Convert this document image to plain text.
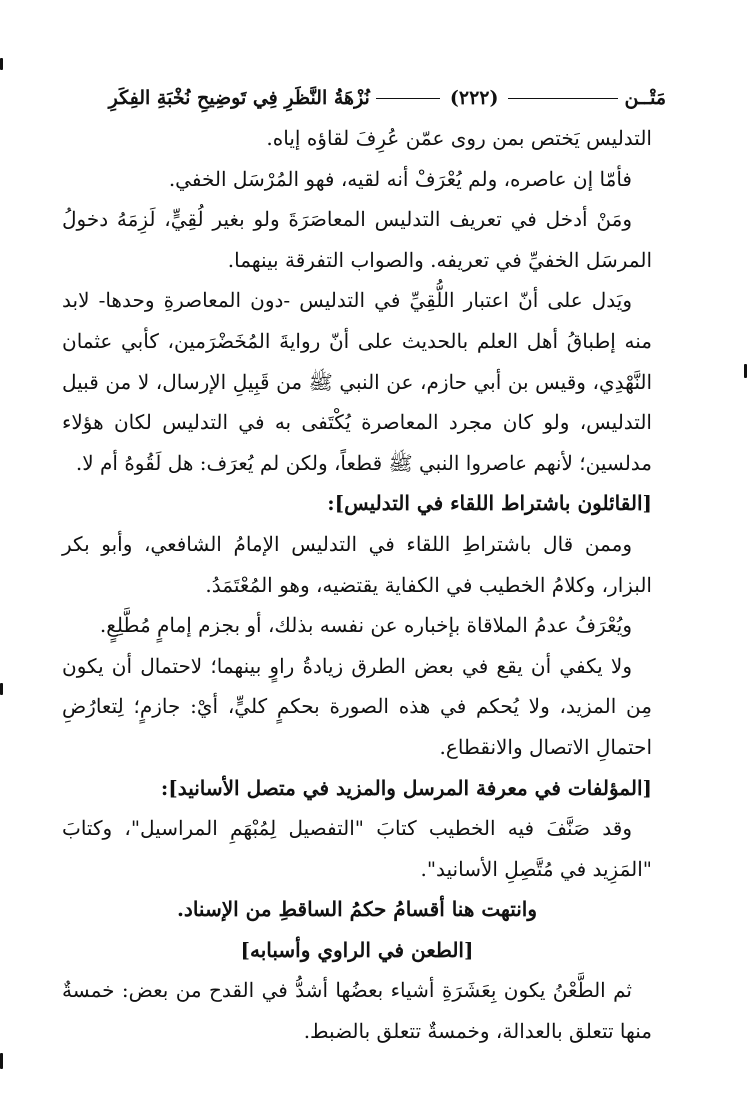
مَتْــن
(٢٢٢)
نُزْهَةُ النَّظَرِ فِي تَوضِيحِ نُخْبَةِ الفِكَرِ

التدليس يَختص بمن روى عمّن عُرِفَ لقاؤه إياه.

فأمّا إن عاصره، ولم يُعْرَفْ أنه لقيه، فهو المُرْسَل الخفي.

ومَنْ أدخل في تعريف التدليس المعاصَرَةَ ولو بغير لُقِيٍّ، لَزِمَهُ دخولُ المرسَل الخفيِّ في تعريفه. والصواب التفرقة بينهما.

ويَدل على أنّ اعتبار اللُّقِيِّ في التدليس -دون المعاصرةِ وحدها- لابد منه إطباقُ أهل العلم بالحديث على أنّ روايةَ المُخَضْرَمين، كأبي عثمان النَّهْدِي، وقيس بن أبي حازم، عن النبي ﷺ من قَبِيلِ الإرسال، لا من قبيل التدليس، ولو كان مجرد المعاصرة يُكْتَفى به في التدليس لكان هؤلاء مدلسين؛ لأنهم عاصروا النبي ﷺ قطعاً، ولكن لم يُعرَف: هل لَقُوهُ أم لا.

[القائلون باشتراط اللقاء في التدليس]:

وممن قال باشتراطِ اللقاء في التدليس الإمامُ الشافعي، وأبو بكر البزار، وكلامُ الخطيب في الكفاية يقتضيه، وهو المُعْتَمَدُ.

ويُعْرَفُ عدمُ الملاقاة بإخباره عن نفسه بذلك، أو بجزم إمامٍ مُطَّلِعٍ.

ولا يكفي أن يقع في بعض الطرق زيادةُ راوٍ بينهما؛ لاحتمال أن يكون مِن المزيد، ولا يُحكم في هذه الصورة بحكمٍ كليٍّ، أيْ: جازمٍ؛ لِتعارُضِ احتمالِ الاتصال والانقطاع.

[المؤلفات في معرفة المرسل والمزيد في متصل الأسانيد]:

وقد صَنَّفَ فيه الخطيب كتابَ "التفصيل لِمُبْهَمِ المراسيل"، وكتابَ "المَزِيد في مُتَّصِلِ الأسانيد".

وانتهت هنا أقسامُ حكمُ الساقطِ من الإسناد.

[الطعن في الراوي وأسبابه]

ثم الطَّعْنُ يكون بِعَشَرَةِ أشياء بعضُها أشدُّ في القدح من بعض: خمسةٌ منها تتعلق بالعدالة، وخمسةٌ تتعلق بالضبط.
